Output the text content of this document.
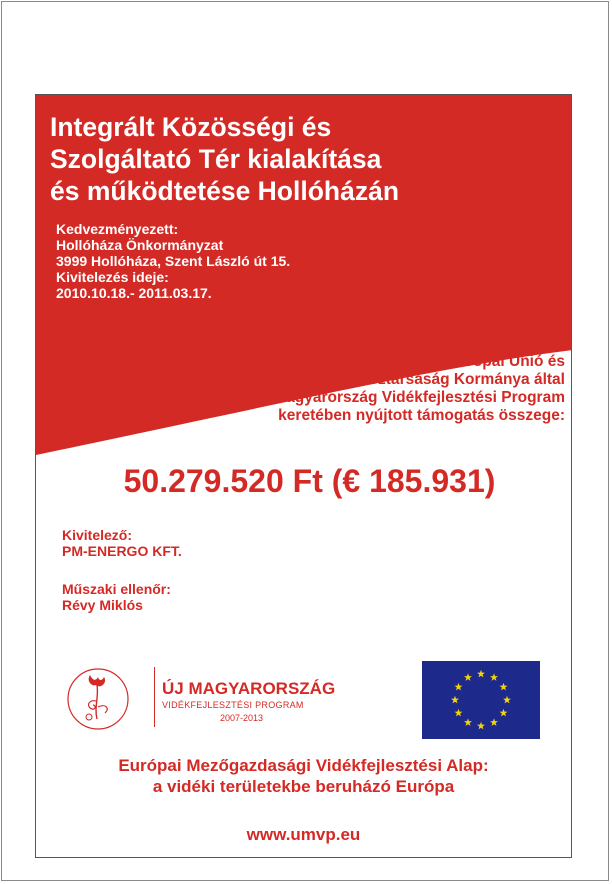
Integrált Közösségi és
Szolgáltató Tér kialakítása
és működtetése Hollóházán
Kedvezményezett:
Hollóháza Önkormányzat
3999 Hollóháza, Szent László út 15.
Kivitelezés ideje:
2010.10.18.- 2011.03.17.
Az Európai Unió és
a Magyar Köztársaság Kormánya által
az Új Magyarország Vidékfejlesztési Program
keretében nyújtott támogatás összege:
50.279.520 Ft (€ 185.931)
Kivitelező:
PM-ENERGO KFT.
Műszaki ellenőr:
Révy Miklós
ÚJ MAGYARORSZÁG
VIDÉKFEJLESZTÉSI PROGRAM
2007-2013
Európai Mezőgazdasági Vidékfejlesztési Alap:
a vidéki területekbe beruházó Európa
www.umvp.eu
